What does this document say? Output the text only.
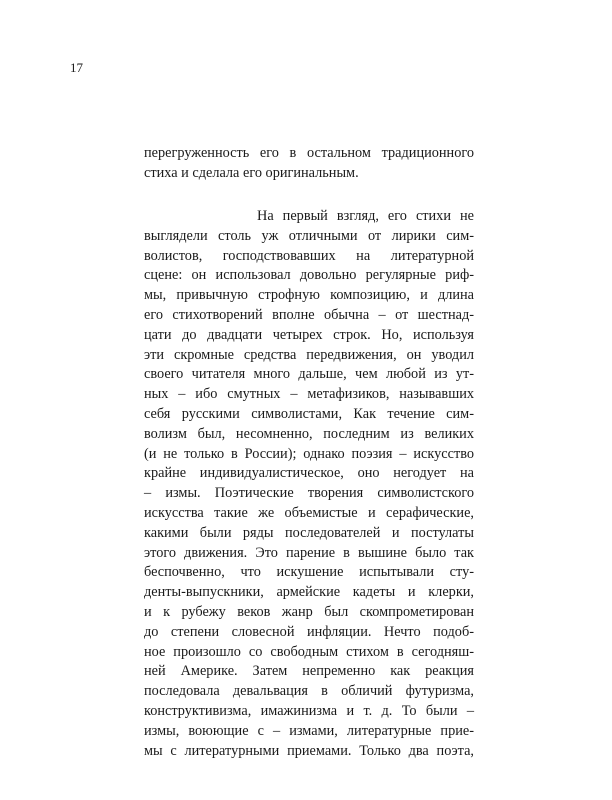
17

перегруженность его в остальном традиционного
стиха и сделала его оригинальным.

На первый взгляд, его стихи не
выглядели столь уж отличными от лирики сим-
волистов, господствовавших на литературной
сцене: он использовал довольно регулярные риф-
мы, привычную строфную композицию, и длина
его стихотворений вполне обычна – от шестнад-
цати до двадцати четырех строк. Но, используя
эти скромные средства передвижения, он уводил
своего читателя много дальше, чем любой из ут-
ных – ибо смутных – метафизиков, называвших
себя русскими символистами, Как течение сим-
волизм был, несомненно, последним из великих
(и не только в России); однако поэзия – искусство
крайне индивидуалистическое, оно негодует на
– измы. Поэтические творения символистского
искусства такие же объемистые и серафические,
какими были ряды последователей и постулаты
этого движения. Это парение в вышине было так
беспочвенно, что искушение испытывали сту-
денты-выпускники, армейские кадеты и клерки,
и к рубежу веков жанр был скомпрометирован
до степени словесной инфляции. Нечто подоб-
ное произошло со свободным стихом в сегодняш-
ней Америке. Затем непременно как реакция
последовала девальвация в обличий футуризма,
конструктивизма, имажинизма и т. д. То были –
измы, воюющие с – измами, литературные прие-
мы с литературными приемами. Только два поэта,
